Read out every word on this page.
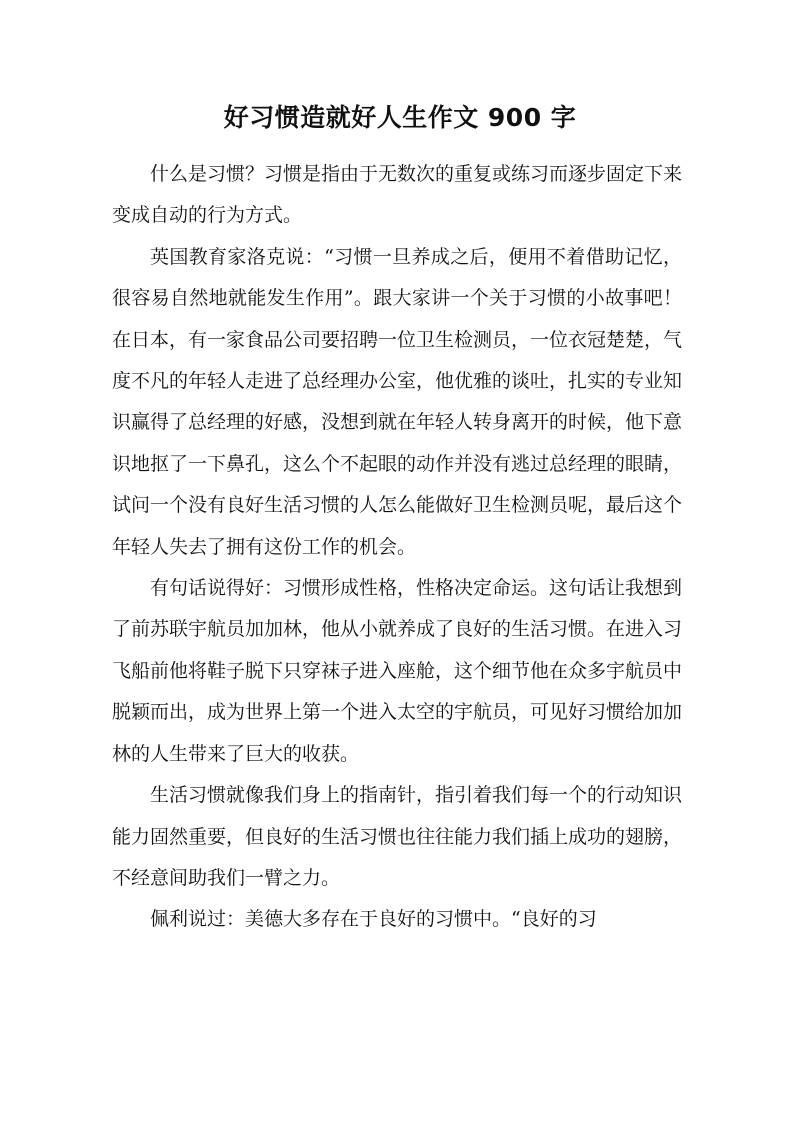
好习惯造就好人生作文 900 字

什么是习惯？习惯是指由于无数次的重复或练习而逐步固定下来变成自动的行为方式。

英国教育家洛克说：“习惯一旦养成之后，便用不着借助记忆，很容易自然地就能发生作用”。跟大家讲一个关于习惯的小故事吧！在日本，有一家食品公司要招聘一位卫生检测员，一位衣冠楚楚，气度不凡的年轻人走进了总经理办公室，他优雅的谈吐，扎实的专业知识赢得了总经理的好感，没想到就在年轻人转身离开的时候，他下意识地抠了一下鼻孔，这么个不起眼的动作并没有逃过总经理的眼睛，试问一个没有良好生活习惯的人怎么能做好卫生检测员呢，最后这个年轻人失去了拥有这份工作的机会。

有句话说得好：习惯形成性格，性格决定命运。这句话让我想到了前苏联宇航员加加林，他从小就养成了良好的生活习惯。在进入习飞船前他将鞋子脱下只穿袜子进入座舱，这个细节他在众多宇航员中脱颖而出，成为世界上第一个进入太空的宇航员，可见好习惯给加加林的人生带来了巨大的收获。

生活习惯就像我们身上的指南针，指引着我们每一个的行动知识能力固然重要，但良好的生活习惯也往往能力我们插上成功的翅膀，不经意间助我们一臂之力。

佩利说过：美德大多存在于良好的习惯中。“良好的习
